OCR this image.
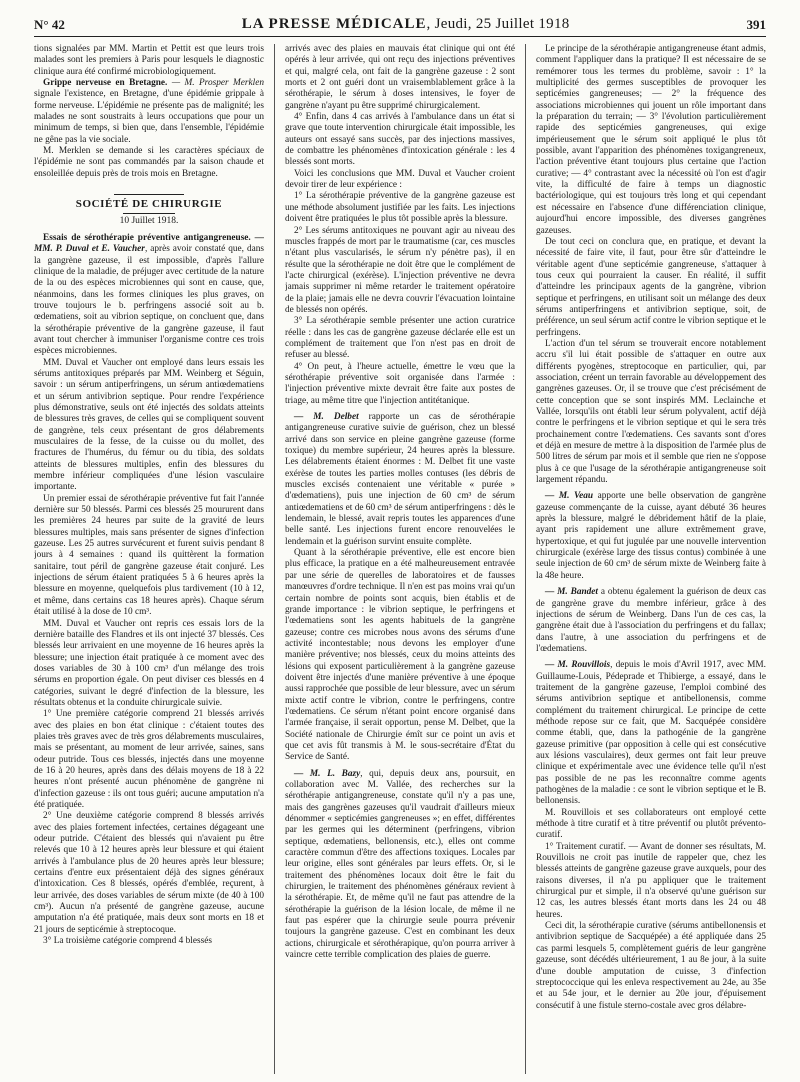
N° 42	LA PRESSE MÉDICALE, Jeudi, 25 Juillet 1918	391

tions signalées par MM. Martin et Pettit est que leurs trois malades sont les premiers à Paris pour lesquels le diagnostic clinique aura été confirmé microbiologiquement.

Grippe nerveuse en Bretagne. — M. Prosper Merklen signale l'existence, en Bretagne, d'une épidémie grippale à forme nerveuse. L'épidémie ne présente pas de malignité; les malades ne sont soustraits à leurs occupations que pour un minimum de temps, si bien que, dans l'ensemble, l'épidémie ne gêne pas la vie sociale.

M. Merklen se demande si les caractères spéciaux de l'épidémie ne sont pas commandés par la saison chaude et ensoleillée depuis près de trois mois en Bretagne.

SOCIÉTÉ DE CHIRURGIE
10 Juillet 1918.

Essais de sérothérapie préventive antigangreneuse. — MM. P. Duval et E. Vaucher, après avoir constaté que, dans la gangrène gazeuse, il est impossible, d'après l'allure clinique de la maladie, de préjuger avec certitude de la nature de la ou des espèces microbiennes qui sont en cause, que, néanmoins, dans les formes cliniques les plus graves, on trouve toujours le b. perfringens associé soit au b. œdematiens, soit au vibrion septique, on concluent que, dans la sérothérapie préventive de la gangrène gazeuse, il faut avant tout chercher à immuniser l'organisme contre ces trois espèces microbiennes.

MM. Duval et Vaucher ont employé dans leurs essais les sérums antitoxiques préparés par MM. Weinberg et Séguin, savoir : un sérum antiperfringens, un sérum antiœdematiens et un sérum antivibrion septique. Pour rendre l'expérience plus démonstrative, seuls ont été injectés des soldats atteints de blessures très graves, de celles qui se compliquent souvent de gangrène, tels ceux présentant de gros délabrements musculaires de la fesse, de la cuisse ou du mollet, des fractures de l'humérus, du fémur ou du tibia, des soldats atteints de blessures multiples, enfin des blessures du membre inférieur compliquées d'une lésion vasculaire importante.

Un premier essai de sérothérapie préventive fut fait l'année dernière sur 50 blessés. Parmi ces blessés 25 moururent dans les premières 24 heures par suite de la gravité de leurs blessures multiples, mais sans présenter de signes d'infection gazeuse. Les 25 autres survécurent et furent suivis pendant 8 jours à 4 semaines : quand ils quittèrent la formation sanitaire, tout péril de gangrène gazeuse était conjuré. Les injections de sérum étaient pratiquées 5 à 6 heures après la blessure en moyenne, quelquefois plus tardivement (10 à 12, et même, dans certains cas 18 heures après). Chaque sérum était utilisé à la dose de 10 cm³.

MM. Duval et Vaucher ont repris ces essais lors de la dernière bataille des Flandres et ils ont injecté 37 blessés. Ces blessés leur arrivaient en une moyenne de 16 heures après la blessure; une injection était pratiquée à ce moment avec des doses variables de 30 à 100 cm³ d'un mélange des trois sérums en proportion égale. On peut diviser ces blessés en 4 catégories, suivant le degré d'infection de la blessure, les résultats obtenus et la conduite chirurgicale suivie.

1° Une première catégorie comprend 21 blessés arrivés avec des plaies en bon état clinique : c'étaient toutes des plaies très graves avec de très gros délabrements musculaires, mais se présentant, au moment de leur arrivée, saines, sans odeur putride. Tous ces blessés, injectés dans une moyenne de 16 à 20 heures, après dans des délais moyens de 18 à 22 heures n'ont présenté aucun phénomène de gangrène ni d'infection gazeuse : ils ont tous guéri; aucune amputation n'a été pratiquée.

2° Une deuxième catégorie comprend 8 blessés arrivés avec des plaies fortement infectées, certaines dégageant une odeur putride. C'étaient des blessés qui n'avaient pu être relevés que 10 à 12 heures après leur blessure et qui étaient arrivés à l'ambulance plus de 20 heures après leur blessure; certains d'entre eux présentaient déjà des signes généraux d'intoxication. Ces 8 blessés, opérés d'emblée, reçurent, à leur arrivée, des doses variables de sérum mixte (de 40 à 100 cm³). Aucun n'a présenté de gangrène gazeuse, aucune amputation n'a été pratiquée, mais deux sont morts en 18 et 21 jours de septicémie à streptocoque.

3° La troisième catégorie comprend 4 blessés

arrivés avec des plaies en mauvais état clinique qui ont été opérés à leur arrivée, qui ont reçu des injections préventives et qui, malgré cela, ont fait de la gangrène gazeuse : 2 sont morts et 2 ont guéri dont un vraisemblablement grâce à la sérothérapie, le sérum à doses intensives, le foyer de gangrène n'ayant pu être supprimé chirurgicalement.

4° Enfin, dans 4 cas arrivés à l'ambulance dans un état si grave que toute intervention chirurgicale était impossible, les auteurs ont essayé sans succès, par des injections massives, de combattre les phénomènes d'intoxication générale : les 4 blessés sont morts.

Voici les conclusions que MM. Duval et Vaucher croient devoir tirer de leur expérience :

1° La sérothérapie préventive de la gangrène gazeuse est une méthode absolument justifiée par les faits. Les injections doivent être pratiquées le plus tôt possible après la blessure.

2° Les sérums antitoxiques ne pouvant agir au niveau des muscles frappés de mort par le traumatisme (car, ces muscles n'étant plus vascularisés, le sérum n'y pénètre pas), il en résulte que la sérothérapie ne doit être que le complément de l'acte chirurgical (exérèse). L'injection préventive ne devra jamais supprimer ni même retarder le traitement opératoire de la plaie; jamais elle ne devra couvrir l'évacuation lointaine de blessés non opérés.

3° La sérothérapie semble présenter une action curatrice réelle : dans les cas de gangrène gazeuse déclarée elle est un complément de traitement que l'on n'est pas en droit de refuser au blessé.

4° On peut, à l'heure actuelle, émettre le vœu que la sérothérapie préventive soit organisée dans l'armée : l'injection préventive mixte devrait être faite aux postes de triage, au même titre que l'injection antitétanique.

— M. Delbet rapporte un cas de sérothérapie antigangreneuse curative suivie de guérison, chez un blessé arrivé dans son service en pleine gangrène gazeuse (forme toxique) du membre supérieur, 24 heures après la blessure. Les délabrements étaient énormes : M. Delbet fit une vaste exérèse de toutes les parties molles contuses (les débris de muscles excisés contenaient une véritable « purée » d'œdematiens), puis une injection de 60 cm³ de sérum antiœdematiens et de 60 cm³ de sérum antiperfringens : dès le lendemain, le blessé, avait repris toutes les apparences d'une belle santé. Les injections furent encore renouvelées le lendemain et la guérison survint ensuite complète.

Quant à la sérothérapie préventive, elle est encore bien plus efficace, la pratique en a été malheureusement entravée par une série de querelles de laboratoires et de fausses manœuvres d'ordre technique. Il n'en est pas moins vrai qu'un certain nombre de points sont acquis, bien établis et de grande importance : le vibrion septique, le perfringens et l'œdematiens sont les agents habituels de la gangrène gazeuse; contre ces microbes nous avons des sérums d'une activité incontestable; nous devons les employer d'une manière préventive; nos blessés, ceux du moins atteints des lésions qui exposent particulièrement à la gangrène gazeuse doivent être injectés d'une manière préventive à une époque aussi rapprochée que possible de leur blessure, avec un sérum mixte actif contre le vibrion, contre le perfringens, contre l'œdematiens. Ce sérum n'étant point encore organisé dans l'armée française, il serait opportun, pense M. Delbet, que la Société nationale de Chirurgie émît sur ce point un avis et que cet avis fût transmis à M. le sous-secrétaire d'État du Service de Santé.

— M. L. Bazy, qui, depuis deux ans, poursuit, en collaboration avec M. Vallée, des recherches sur la sérothérapie antigangreneuse, constate qu'il n'y a pas une, mais des gangrènes gazeuses qu'il vaudrait d'ailleurs mieux dénommer « septicémies gangreneuses »; en effet, différentes par les germes qui les déterminent (perfringens, vibrion septique, œdematiens, bellonensis, etc.), elles ont comme caractère commun d'être des affections toxiques. Locales par leur origine, elles sont générales par leurs effets. Or, si le traitement des phénomènes locaux doit être le fait du chirurgien, le traitement des phénomènes généraux revient à la sérothérapie. Et, de même qu'il ne faut pas attendre de la sérothérapie la guérison de la lésion locale, de même il ne faut pas espérer que la chirurgie seule pourra prévenir toujours la gangrène gazeuse. C'est en combinant les deux actions, chirurgicale et sérothérapique, qu'on pourra arriver à vaincre cette terrible complication des plaies de guerre.

Le principe de la sérothérapie antigangreneuse étant admis, comment l'appliquer dans la pratique? Il est nécessaire de se remémorer tous les termes du problème, savoir : 1° la multiplicité des germes susceptibles de provoquer les septicémies gangreneuses; — 2° la fréquence des associations microbiennes qui jouent un rôle important dans la préparation du terrain; — 3° l'évolution particulièrement rapide des septicémies gangreneuses, qui exige impérieusement que le sérum soit appliqué le plus tôt possible, avant l'apparition des phénomènes toxigangreneux, l'action préventive étant toujours plus certaine que l'action curative; — 4° contrastant avec la nécessité où l'on est d'agir vite, la difficulté de faire à temps un diagnostic bactériologique, qui est toujours très long et qui cependant est nécessaire en l'absence d'une différenciation clinique, aujourd'hui encore impossible, des diverses gangrènes gazeuses.

De tout ceci on conclura que, en pratique, et devant la nécessité de faire vite, il faut, pour être sûr d'atteindre le véritable agent d'une septicémie gangreneuse, s'attaquer à tous ceux qui pourraient la causer. En réalité, il suffit d'atteindre les principaux agents de la gangrène, vibrion septique et perfringens, en utilisant soit un mélange des deux sérums antiperfringens et antivibrion septique, soit, de préférence, un seul sérum actif contre le vibrion septique et le perfringens.

L'action d'un tel sérum se trouverait encore notablement accru s'il lui était possible de s'attaquer en outre aux différents pyogènes, streptocoque en particulier, qui, par association, créent un terrain favorable au développement des gangrènes gazeuses. Or, il se trouve que c'est précisément de cette conception que se sont inspirés MM. Leclainche et Vallée, lorsqu'ils ont établi leur sérum polyvalent, actif déjà contre le perfringens et le vibrion septique et qui le sera très prochainement contre l'œdematiens. Ces savants sont d'ores et déjà en mesure de mettre à la disposition de l'armée plus de 500 litres de sérum par mois et il semble que rien ne s'oppose plus à ce que l'usage de la sérothérapie antigangreneuse soit largement répandu.

— M. Veau apporte une belle observation de gangrène gazeuse commençante de la cuisse, ayant débuté 36 heures après la blessure, malgré le débridement hâtif de la plaie, ayant pris rapidement une allure extrêmement grave, hypertoxique, et qui fut jugulée par une nouvelle intervention chirurgicale (exérèse large des tissus contus) combinée à une seule injection de 60 cm³ de sérum mixte de Weinberg faite à la 48e heure.

— M. Bandet a obtenu également la guérison de deux cas de gangrène grave du membre inférieur, grâce à des injections de sérum de Weinberg. Dans l'un de ces cas, la gangrène était due à l'association du perfringens et du fallax; dans l'autre, à une association du perfringens et de l'œdematiens.

— M. Rouvillois, depuis le mois d'Avril 1917, avec MM. Guillaume-Louis, Pédeprade et Thibierge, a essayé, dans le traitement de la gangrène gazeuse, l'emploi combiné des sérums antivibrion septique et antibellonensis, comme complément du traitement chirurgical. Le principe de cette méthode repose sur ce fait, que M. Sacquépée considère comme établi, que, dans la pathogénie de la gangrène gazeuse primitive (par opposition à celle qui est consécutive aux lésions vasculaires), deux germes ont fait leur preuve clinique et expérimentale avec une évidence telle qu'il n'est pas possible de ne pas les reconnaître comme agents pathogènes de la maladie : ce sont le vibrion septique et le B. bellonensis.

M. Rouvillois et ses collaborateurs ont employé cette méthode à titre curatif et à titre préventif ou plutôt prévento-curatif.

1° Traitement curatif. — Avant de donner ses résultats, M. Rouvillois ne croit pas inutile de rappeler que, chez les blessés atteints de gangrène gazeuse grave auxquels, pour des raisons diverses, il n'a pu appliquer que le traitement chirurgical pur et simple, il n'a observé qu'une guérison sur 12 cas, les autres blessés étant morts dans les 24 ou 48 heures.

Ceci dit, la sérothérapie curative (sérums antibellonensis et antivibrion septique de Sacquépée) a été appliquée dans 25 cas parmi lesquels 5, complètement guéris de leur gangrène gazeuse, sont décédés ultérieurement, 1 au 8e jour, à la suite d'une double amputation de cuisse, 3 d'infection streptococcique qui les enleva respectivement au 24e, au 35e et au 54e jour, et le dernier au 20e jour, d'épuisement consécutif à une fistule sterno-costale avec gros délabre-
